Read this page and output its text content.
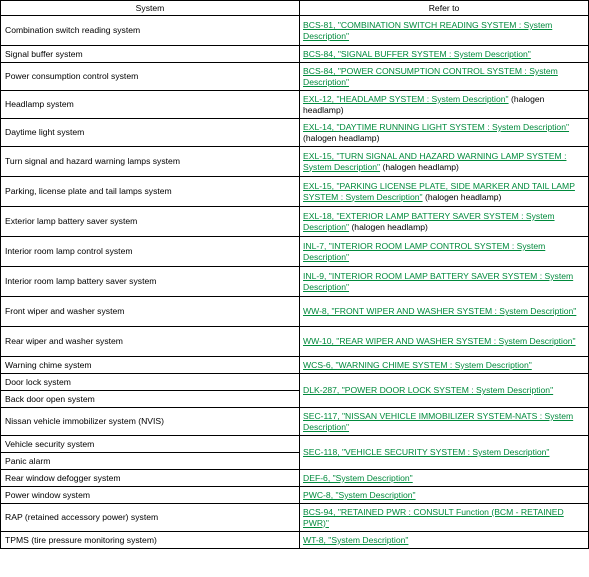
System	Refer to
Combination switch reading system	BCS-81, "COMBINATION SWITCH READING SYSTEM : System Description"
Signal buffer system	BCS-84, "SIGNAL BUFFER SYSTEM : System Description"
Power consumption control system	BCS-84, "POWER CONSUMPTION CONTROL SYSTEM : System Description"
Headlamp system	EXL-12, "HEADLAMP SYSTEM : System Description" (halogen headlamp)
Daytime light system	EXL-14, "DAYTIME RUNNING LIGHT SYSTEM : System Description" (halogen headlamp)
Turn signal and hazard warning lamps system	EXL-15, "TURN SIGNAL AND HAZARD WARNING LAMP SYSTEM : System Description" (halogen headlamp)
Parking, license plate and tail lamps system	EXL-15, "PARKING LICENSE PLATE, SIDE MARKER AND TAIL LAMP SYSTEM : System Description" (halogen headlamp)
Exterior lamp battery saver system	EXL-18, "EXTERIOR LAMP BATTERY SAVER SYSTEM : System Description" (halogen headlamp)
Interior room lamp control system	INL-7, "INTERIOR ROOM LAMP CONTROL SYSTEM : System Description"
Interior room lamp battery saver system	INL-9, "INTERIOR ROOM LAMP BATTERY SAVER SYSTEM : System Description"
Front wiper and washer system	WW-8, "FRONT WIPER AND WASHER SYSTEM : System Description"
Rear wiper and washer system	WW-10, "REAR WIPER AND WASHER SYSTEM : System Description"
Warning chime system	WCS-6, "WARNING CHIME SYSTEM : System Description"
Door lock system	DLK-287, "POWER DOOR LOCK SYSTEM : System Description"
Back door open system	
Nissan vehicle immobilizer system (NVIS)	SEC-117, "NISSAN VEHICLE IMMOBILIZER SYSTEM-NATS : System Description"
Vehicle security system	SEC-118, "VEHICLE SECURITY SYSTEM : System Description"
Panic alarm	
Rear window defogger system	DEF-6, "System Description"
Power window system	PWC-8, "System Description"
RAP (retained accessory power) system	BCS-94, "RETAINED PWR : CONSULT Function (BCM - RETAINED PWR)"
TPMS (tire pressure monitoring system)	WT-8, "System Description"
